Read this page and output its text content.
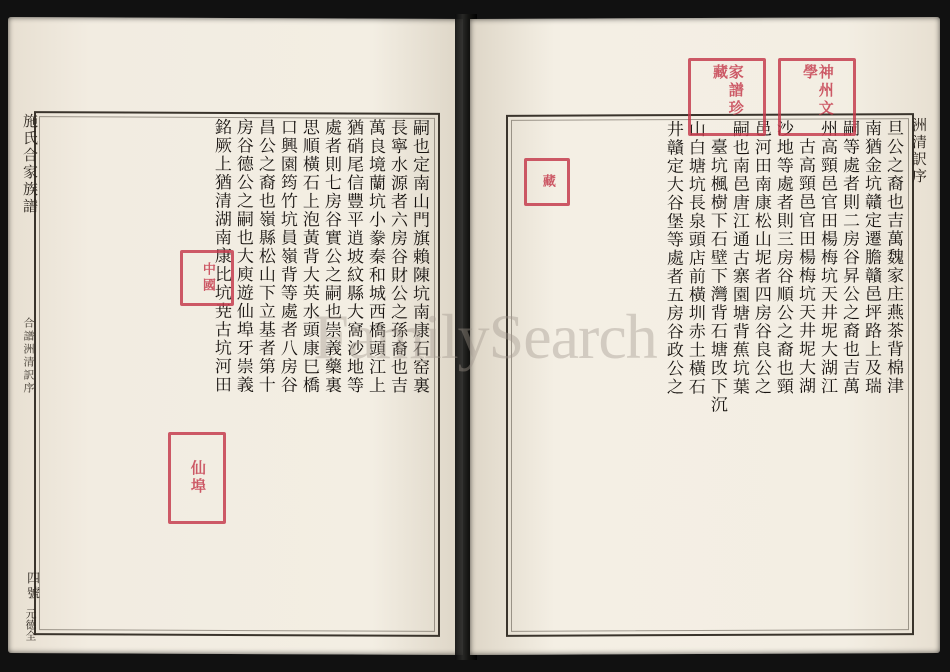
施氏合家族譜
合譜洲清訳序
四號
元德全
嗣也定南山門旗賴陳坑南康石窑裏
長寧水源者六房谷財公之孫裔也吉
萬良境蘭坑小豢秦和城西橋頭江上
猶硝尾信豐平逍坡紋縣大窩沙地等
處者則七房谷實公之嗣也崇義藥裏
思順橫石上泡黃背大英水頭康巳橋
口興園筠竹坑員嶺背等處者八房谷
昌公之裔也嶺縣松山下立基者第十
房谷德公之嗣也大庾遊仙埠牙崇義
銘厥上猶清湖南康比坑尭古坑河田	洲清訳序
旦公之裔也吉萬魏家庄燕茶背棉津
南猶金坑贛定遷膽贛邑坪路上及瑞
嗣等處者則二房谷昇公之裔也吉萬
州高頸邑官田楊梅坑天井坭大湖江
古高頸邑官田楊梅坑天井坭大湖
沙地等處者則三房谷順公之裔也頸
邑河田南康松山坭者四房谷良公之
嗣也南邑唐江通古寨園塘背蕉坑葉
臺坑楓樹下石壁下灣背石塘攺下沉
山白塘坑長泉頭店前橫圳赤土橫石
井贛定大谷堡等處者五房谷政公之
家譜珍藏	神州文學
中國
仙埠
藏
FamilySearch
